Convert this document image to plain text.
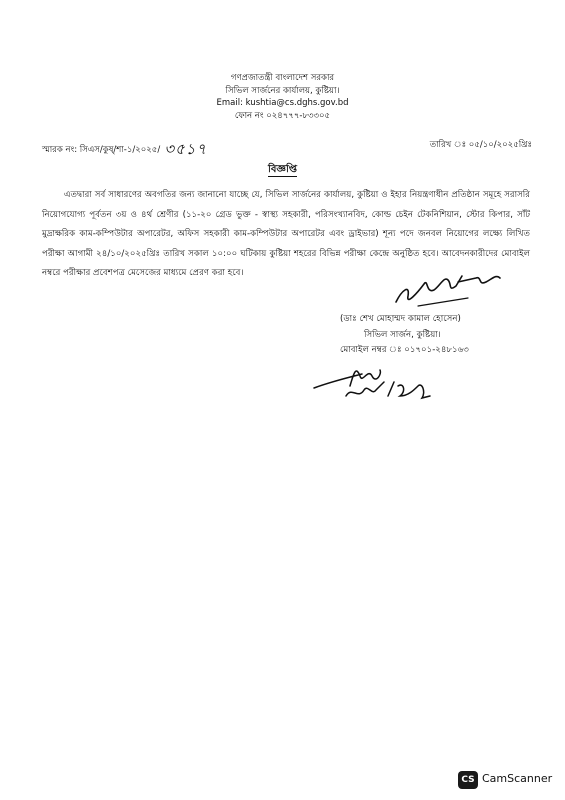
গণপ্রজাতন্ত্রী বাংলাদেশ সরকার
সিভিল সার্জনের কার্যালয়, কুষ্টিয়া।
Email: kushtia@cs.dghs.gov.bd
ফোন নং ০২৪৭৭৭-৮৩৩০৫
স্মারক নং: সিএস/কুষ্/শা-১/২০২৫/ ৩৫১৭	তারিখ ঃ ০৫/১০/২০২৫খ্রিঃ
বিজ্ঞপ্তি
এতদ্বারা সর্ব সাধারণের অবগতির জন্য জানানো যাচ্ছে যে, সিভিল সার্জনের কার্যালয়, কুষ্টিয়া ও ইহার নিয়ন্ত্রণাধীন প্রতিষ্ঠান সমূহে সরাসরি নিয়োগযোগ্য পূর্বতন ৩য় ও ৪র্থ শ্রেণীর (১১-২০ গ্রেড ভুক্ত - স্বাস্থ্য সহকারী, পরিসংখ্যানবিদ, কোল্ড চেইন টেকনিশিয়ান, স্টোর কিপার, সাঁট মুদ্রাক্ষরিক কাম-কম্পিউটার অপারেটর, অফিস সহকারী কাম-কম্পিউটার অপারেটর এবং ড্রাইভার) শূন্য পদে জনবল নিয়োগের লক্ষ্যে লিখিত পরীক্ষা আগামী ২৪/১০/২০২৫খ্রিঃ তারিখ সকাল ১০:০০ ঘটিকায় কুষ্টিয়া শহরের বিভিন্ন পরীক্ষা কেন্দ্রে অনুষ্ঠিত হবে। আবেদনকারীদের মোবাইল নম্বরে পরীক্ষার প্রবেশপত্র মেসেজের মাধ্যমে প্রেরণ করা হবে।
(ডাঃ শেখ মোহাম্মদ কামাল হোসেন)
সিভিল সার্জন, কুষ্টিয়া।
মোবাইল নম্বর ঃ ০১৭০১-২৪৮১৬৩
CS CamScanner
